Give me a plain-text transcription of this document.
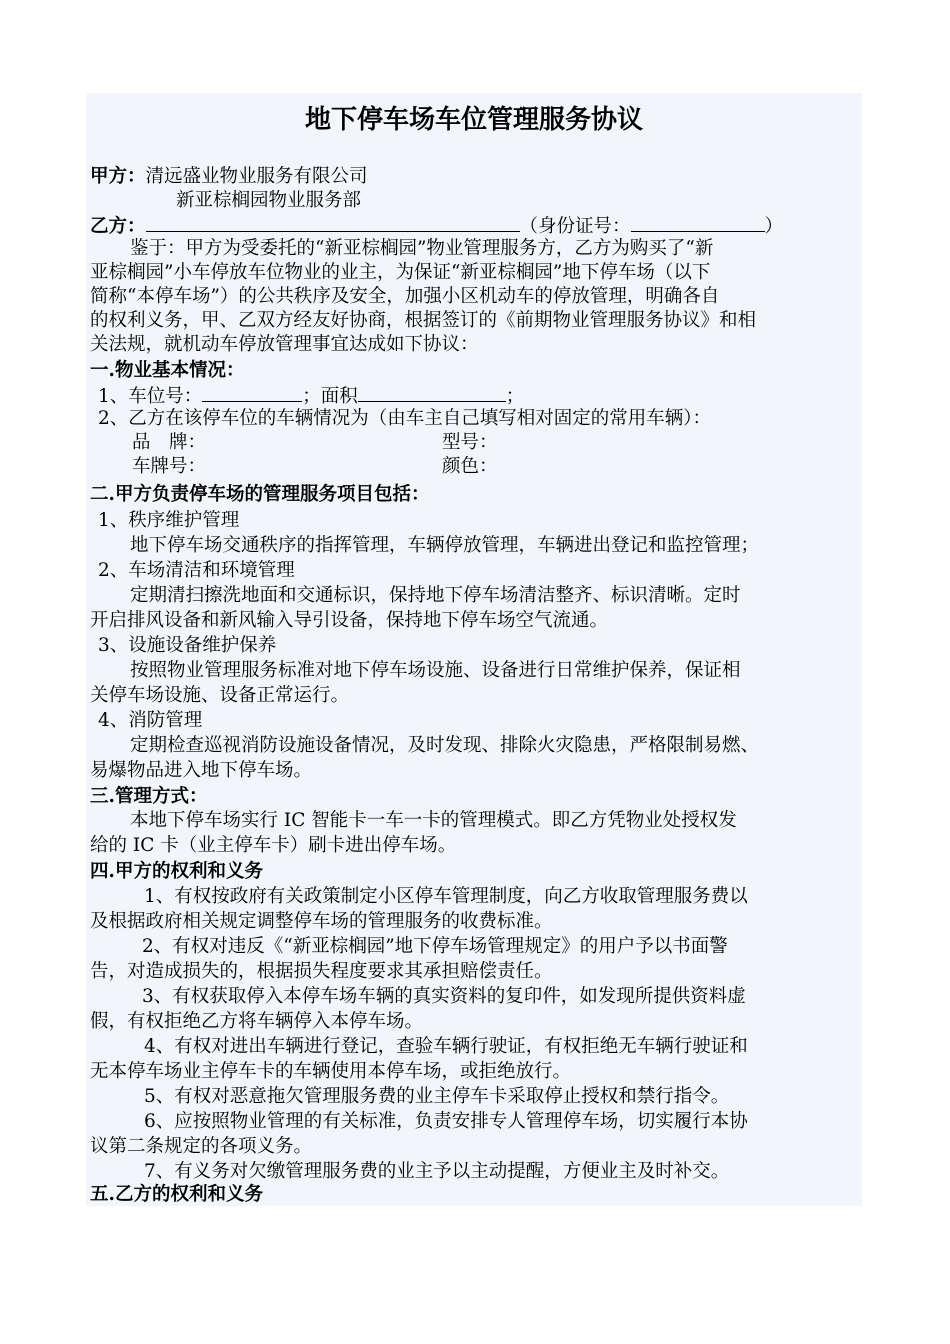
地下停车场车位管理服务协议
甲方：清远盛业物业服务有限公司
新亚棕榈园物业服务部
乙方：	（身份证号：	）
鉴于：甲方为受委托的“新亚棕榈园”物业管理服务方，乙方为购买了“新
亚棕榈园”小车停放车位物业的业主，为保证“新亚棕榈园”地下停车场（以下
简称“本停车场”）的公共秩序及安全，加强小区机动车的停放管理，明确各自
的权利义务，甲、乙双方经友好协商，根据签订的《前期物业管理服务协议》和相
关法规，就机动车停放管理事宜达成如下协议：
一.物业基本情况：
1、车位号：	；面积	；
2、乙方在该停车位的车辆情况为（由车主自己填写相对固定的常用车辆）：
品　牌：	型号：
车牌号：	颜色：
二.甲方负责停车场的管理服务项目包括：
1、秩序维护管理
地下停车场交通秩序的指挥管理，车辆停放管理，车辆进出登记和监控管理；
2、车场清洁和环境管理
定期清扫擦洗地面和交通标识，保持地下停车场清洁整齐、标识清晰。定时
开启排风设备和新风输入导引设备，保持地下停车场空气流通。
3、设施设备维护保养
按照物业管理服务标准对地下停车场设施、设备进行日常维护保养，保证相
关停车场设施、设备正常运行。
4、消防管理
定期检查巡视消防设施设备情况，及时发现、排除火灾隐患，严格限制易燃、
易爆物品进入地下停车场。
三.管理方式：
本地下停车场实行 IC 智能卡一车一卡的管理模式。即乙方凭物业处授权发
给的 IC 卡（业主停车卡）刷卡进出停车场。
四.甲方的权利和义务
1、有权按政府有关政策制定小区停车管理制度，向乙方收取管理服务费以
及根据政府相关规定调整停车场的管理服务的收费标准。
2、有权对违反《“新亚棕榈园”地下停车场管理规定》的用户予以书面警
告，对造成损失的，根据损失程度要求其承担赔偿责任。
3、有权获取停入本停车场车辆的真实资料的复印件，如发现所提供资料虚
假，有权拒绝乙方将车辆停入本停车场。
4、有权对进出车辆进行登记，查验车辆行驶证，有权拒绝无车辆行驶证和
无本停车场业主停车卡的车辆使用本停车场，或拒绝放行。
5、有权对恶意拖欠管理服务费的业主停车卡采取停止授权和禁行指令。
6、应按照物业管理的有关标准，负责安排专人管理停车场，切实履行本协
议第二条规定的各项义务。
7、有义务对欠缴管理服务费的业主予以主动提醒，方便业主及时补交。
五.乙方的权利和义务
